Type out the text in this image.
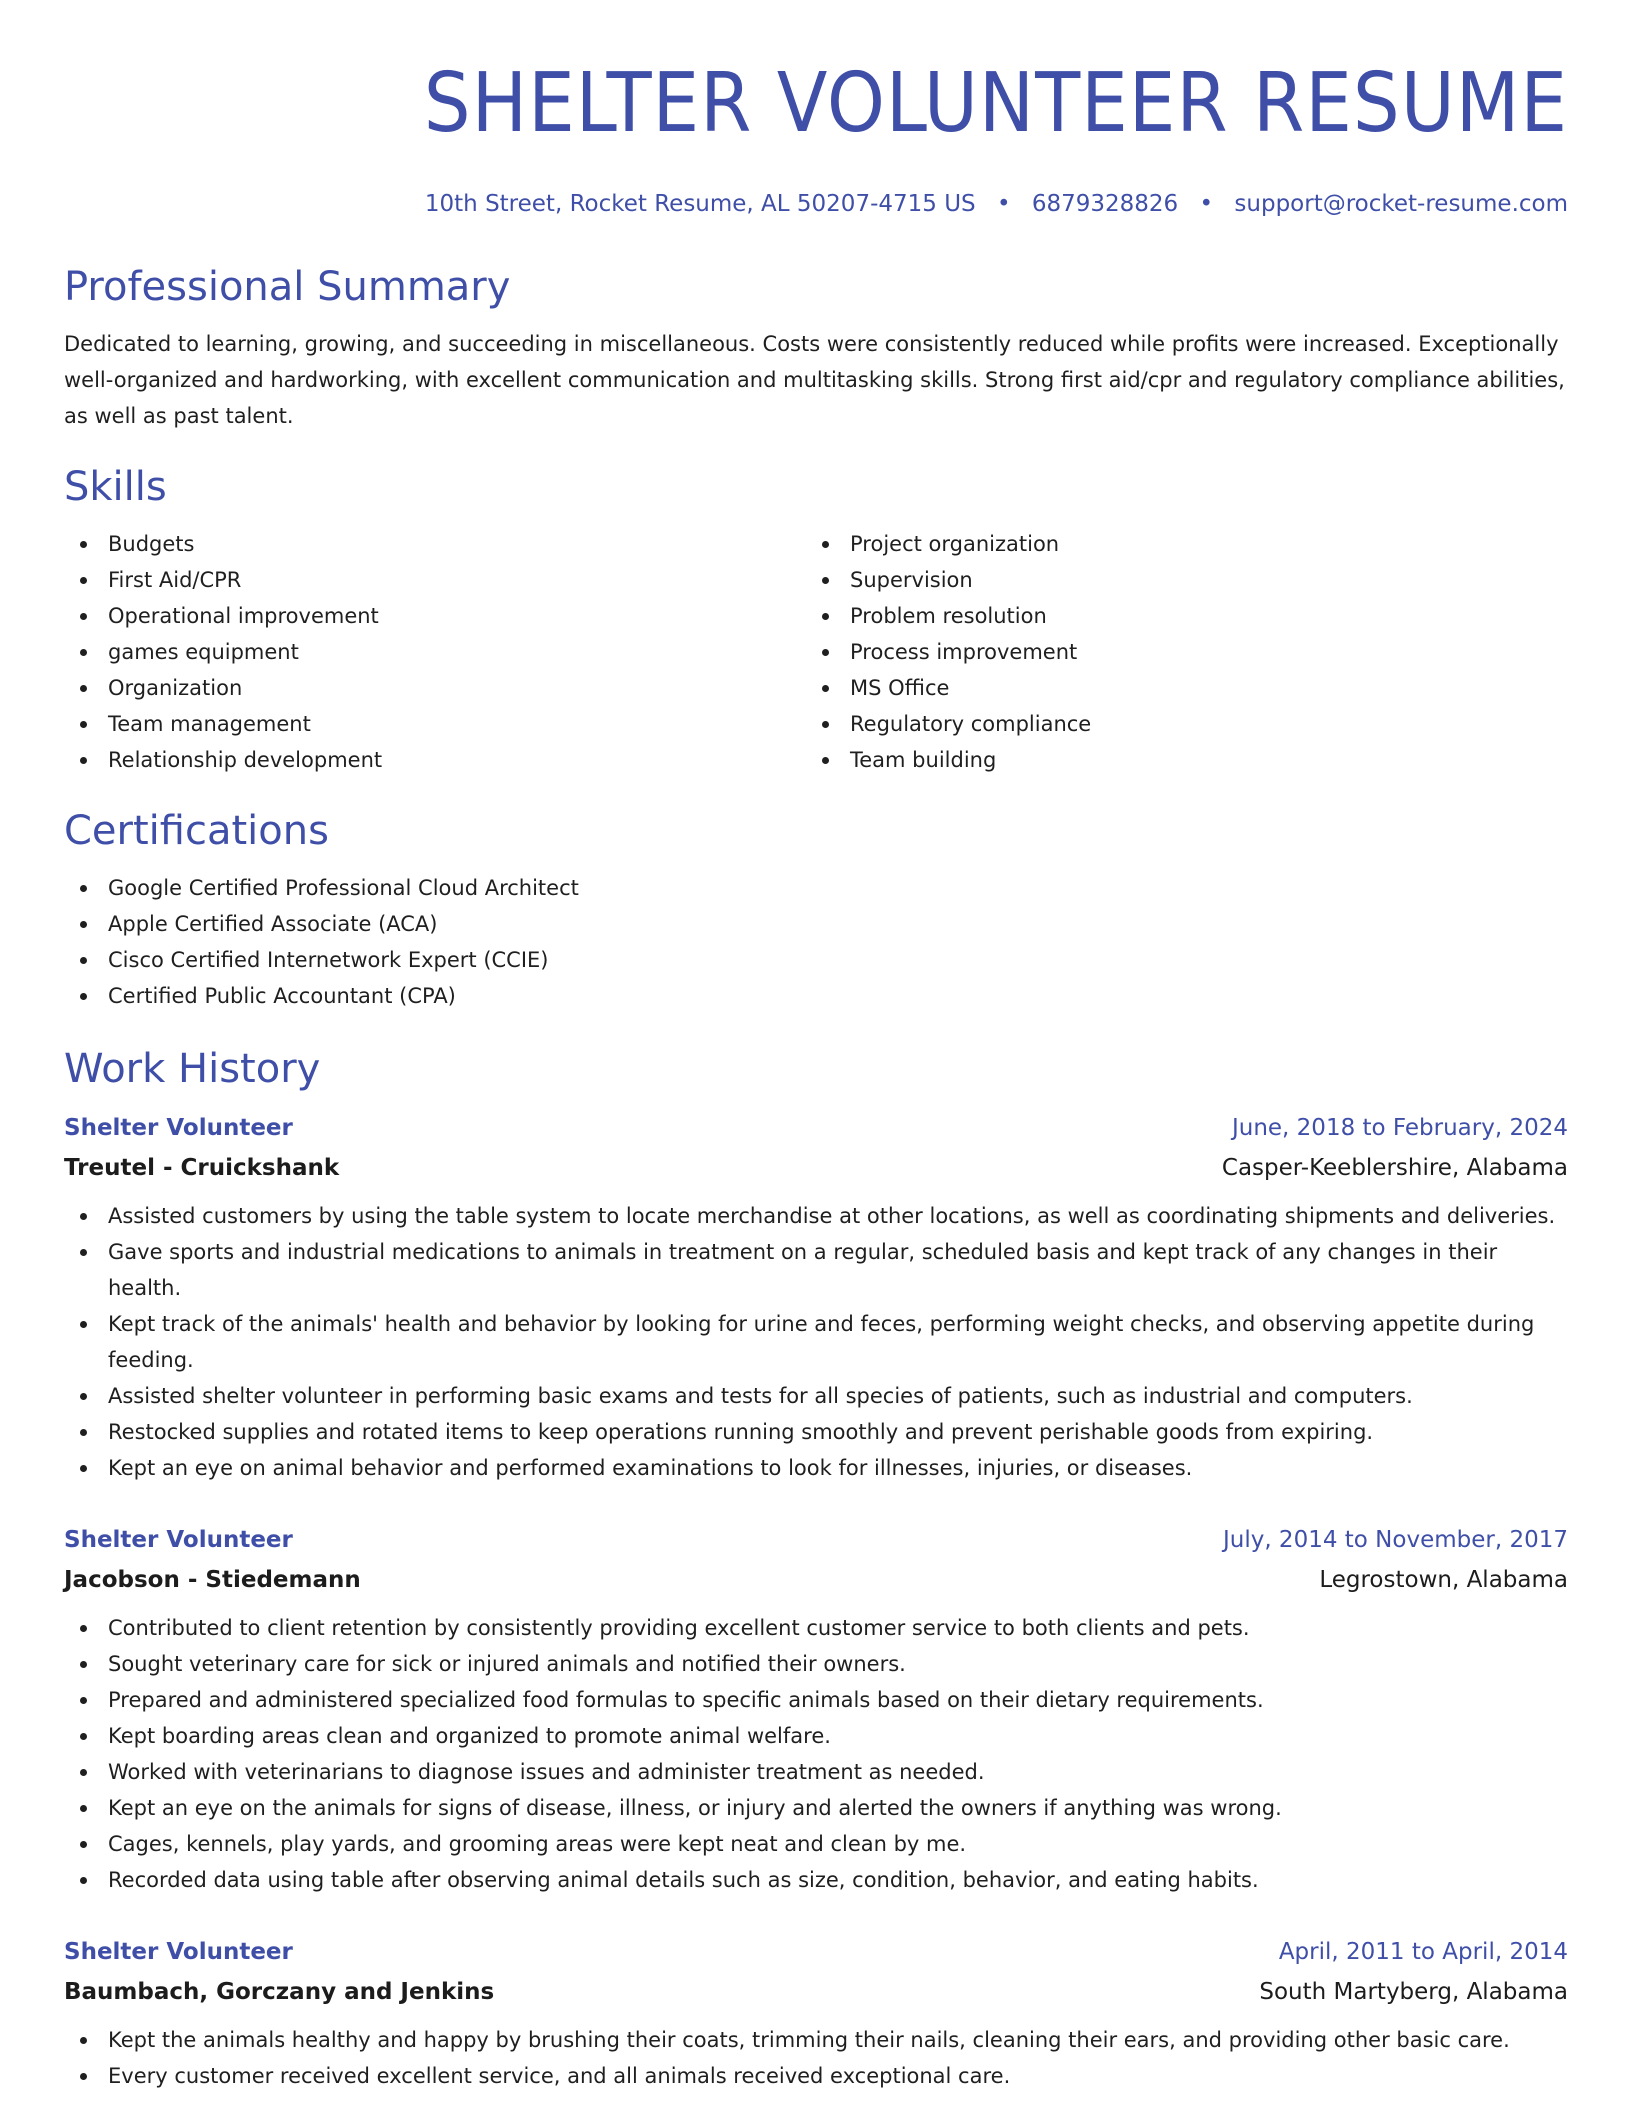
SHELTER VOLUNTEER RESUME
10th Street, Rocket Resume, AL 50207-4715 US • 6879328826 • support@rocket-resume.com
Professional Summary

Dedicated to learning, growing, and succeeding in miscellaneous. Costs were consistently reduced while profits were increased. Exceptionally well-organized and hardworking, with excellent communication and multitasking skills. Strong first aid/cpr and regulatory compliance abilities, as well as past talent.

Skills
Budgets
First Aid/CPR
Operational improvement
games equipment
Organization
Team management
Relationship development
Project organization
Supervision
Problem resolution
Process improvement
MS Office
Regulatory compliance
Team building
Certifications
Google Certified Professional Cloud Architect
Apple Certified Associate (ACA)
Cisco Certified Internetwork Expert (CCIE)
Certified Public Accountant (CPA)
Work History
Shelter Volunteer	June, 2018 to February, 2024
Treutel - Cruickshank	Casper-Keeblershire, Alabama
Assisted customers by using the table system to locate merchandise at other locations, as well as coordinating shipments and deliveries.
Gave sports and industrial medications to animals in treatment on a regular, scheduled basis and kept track of any changes in their health.
Kept track of the animals' health and behavior by looking for urine and feces, performing weight checks, and observing appetite during feeding.
Assisted shelter volunteer in performing basic exams and tests for all species of patients, such as industrial and computers.
Restocked supplies and rotated items to keep operations running smoothly and prevent perishable goods from expiring.
Kept an eye on animal behavior and performed examinations to look for illnesses, injuries, or diseases.
Shelter Volunteer	July, 2014 to November, 2017
Jacobson - Stiedemann	Legrostown, Alabama
Contributed to client retention by consistently providing excellent customer service to both clients and pets.
Sought veterinary care for sick or injured animals and notified their owners.
Prepared and administered specialized food formulas to specific animals based on their dietary requirements.
Kept boarding areas clean and organized to promote animal welfare.
Worked with veterinarians to diagnose issues and administer treatment as needed.
Kept an eye on the animals for signs of disease, illness, or injury and alerted the owners if anything was wrong.
Cages, kennels, play yards, and grooming areas were kept neat and clean by me.
Recorded data using table after observing animal details such as size, condition, behavior, and eating habits.
Shelter Volunteer	April, 2011 to April, 2014
Baumbach, Gorczany and Jenkins	South Martyberg, Alabama
Kept the animals healthy and happy by brushing their coats, trimming their nails, cleaning their ears, and providing other basic care.
Every customer received excellent service, and all animals received exceptional care.
